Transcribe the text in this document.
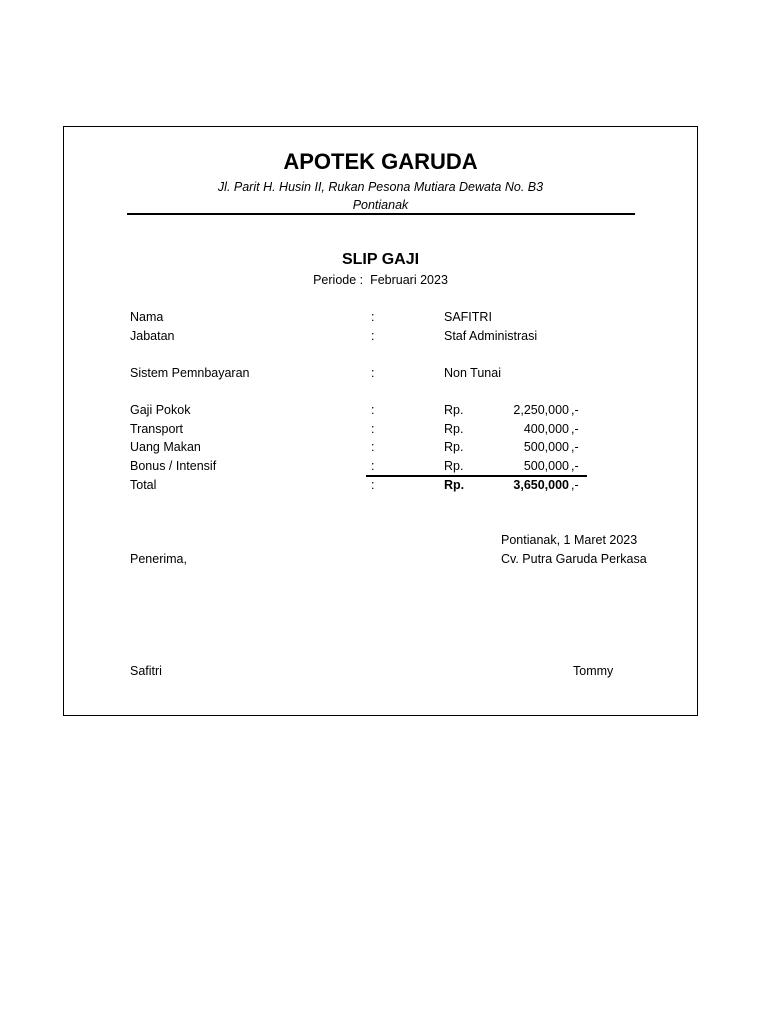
APOTEK GARUDA
Jl. Parit H. Husin II, Rukan Pesona Mutiara Dewata No. B3
Pontianak
SLIP GAJI
Periode : Februari 2023
Nama	:	SAFITRI
Jabatan	:	Staf Administrasi
Sistem Pemnbayaran	:	Non Tunai
Gaji Pokok	:	Rp.	2,250,000 ,-
Transport	:	Rp.	400,000 ,-
Uang Makan	:	Rp.	500,000 ,-
Bonus / Intensif	:	Rp.	500,000 ,-
Total	:	Rp.	3,650,000 ,-
Pontianak, 1 Maret 2023
Penerima,	Cv. Putra Garuda Perkasa
Safitri	Tommy
